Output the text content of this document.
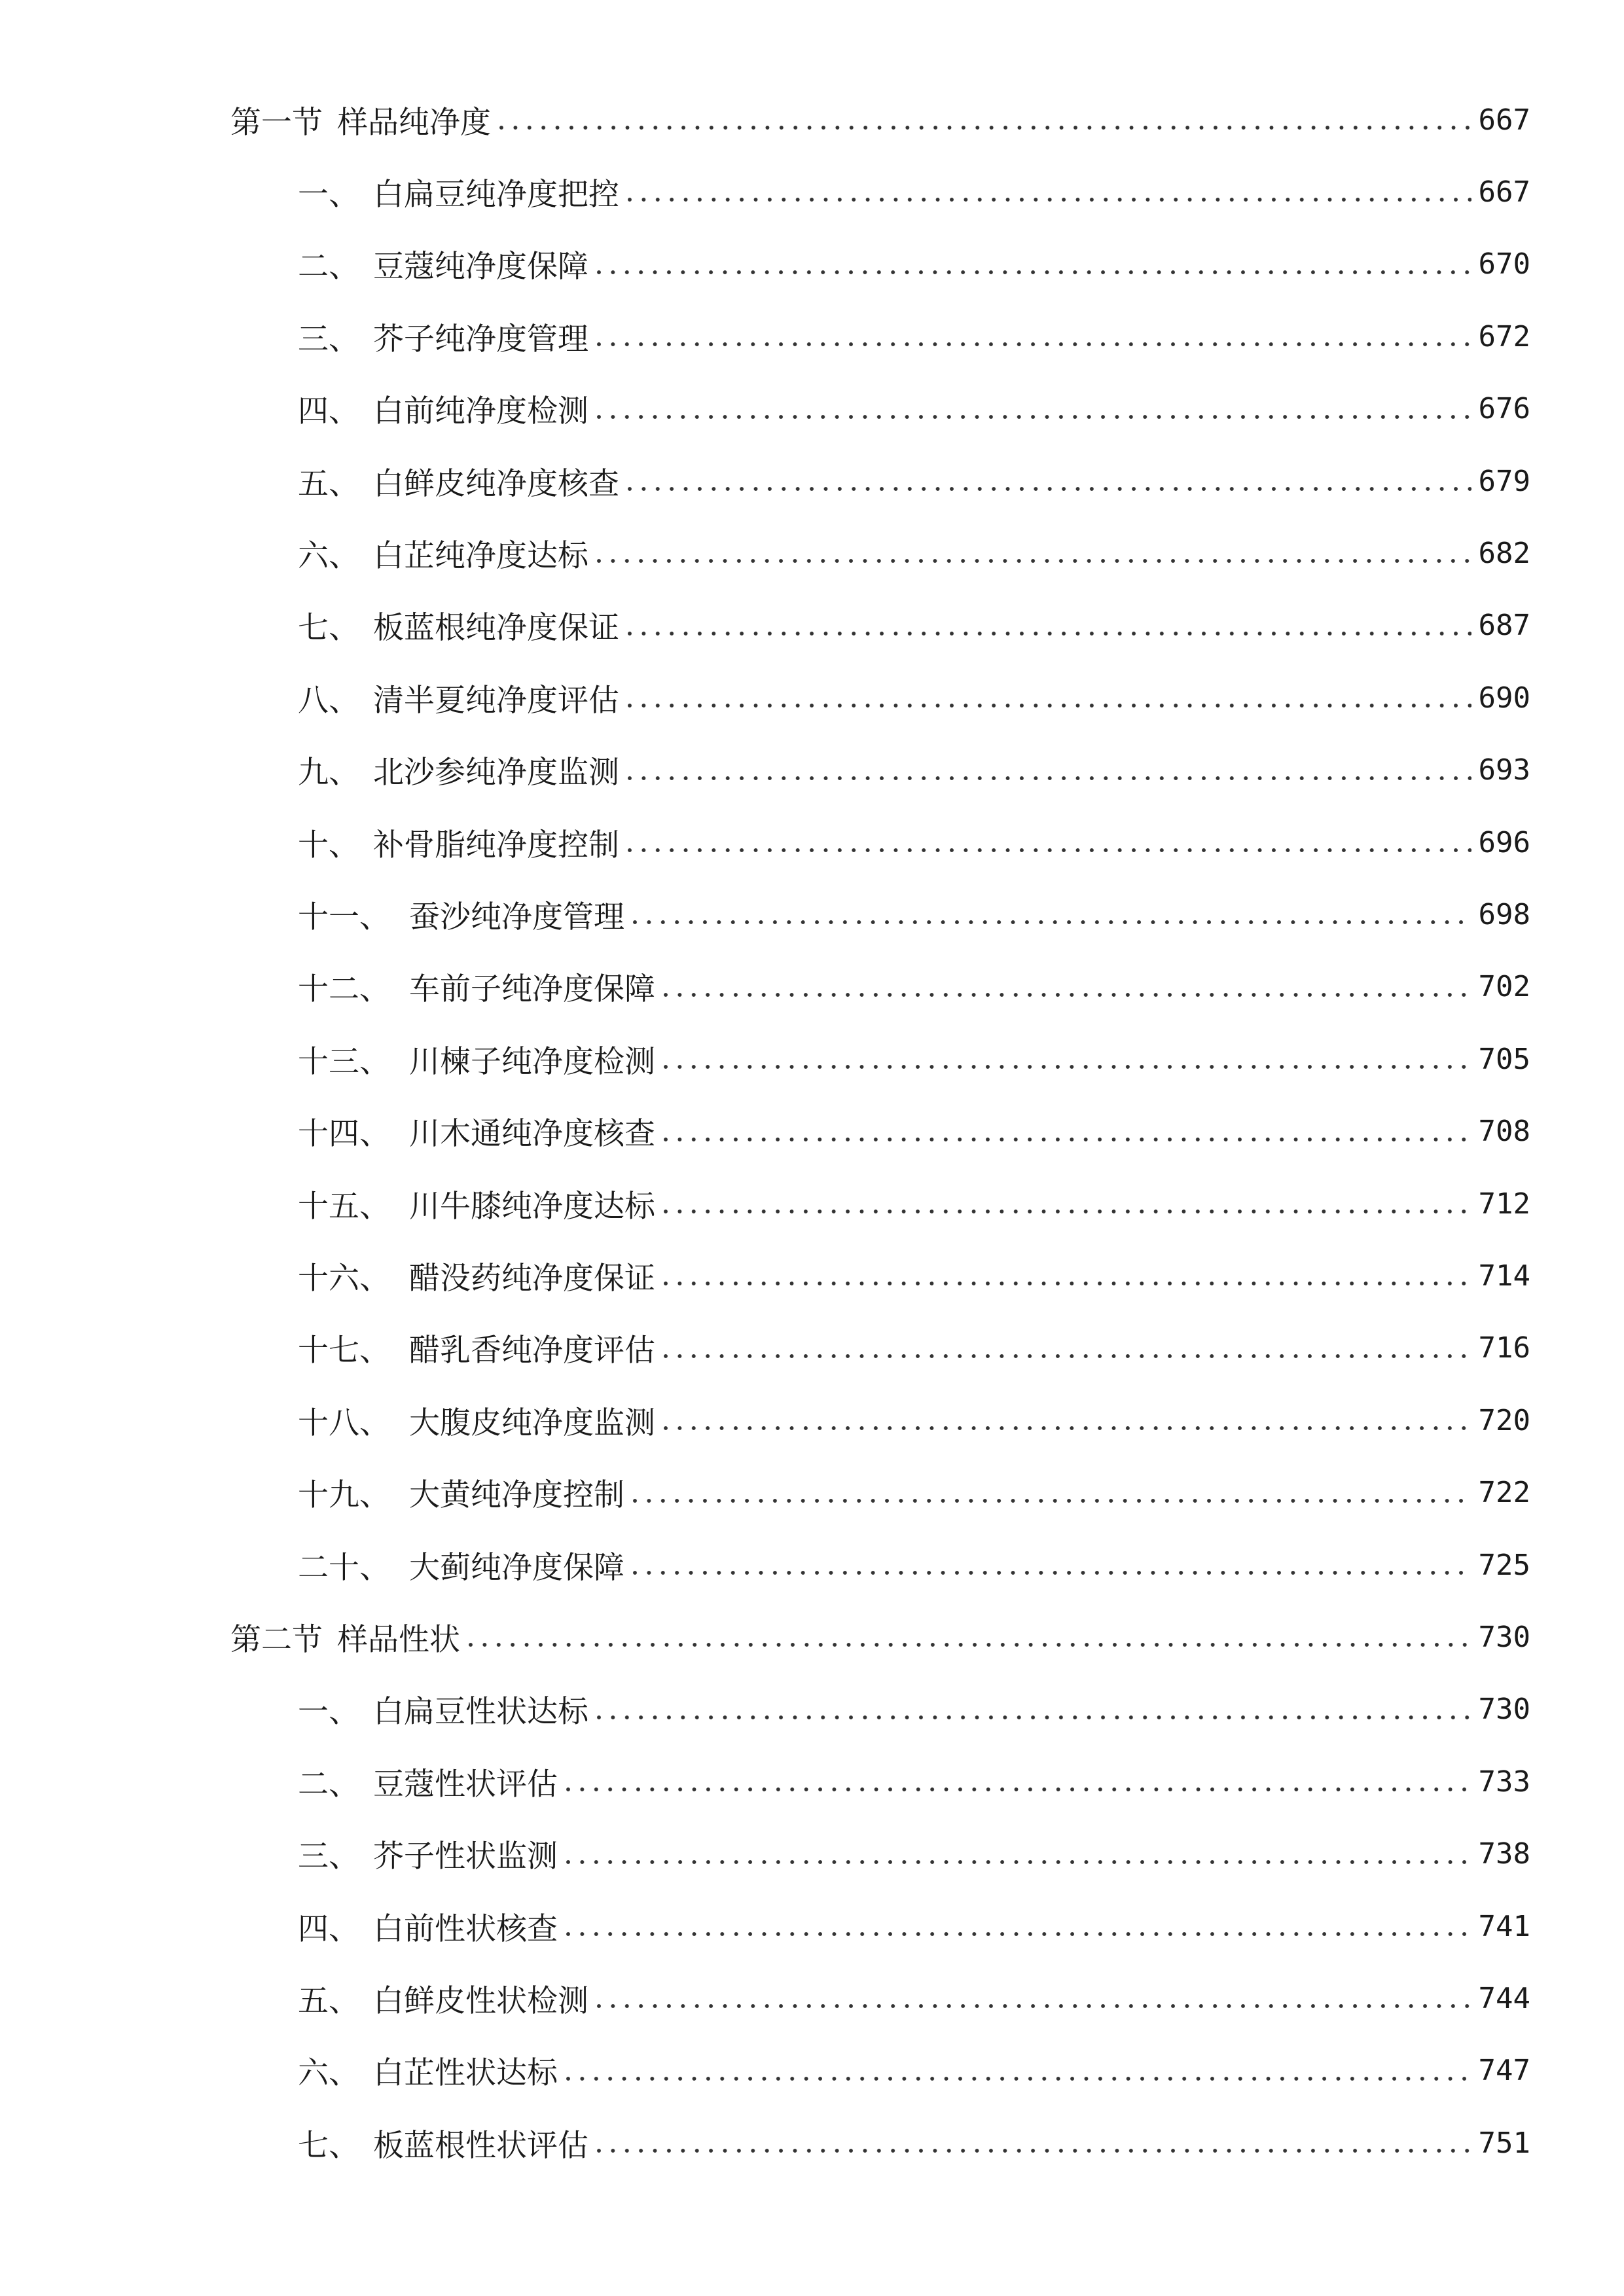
第一节 样品纯净度	667
一、 白扁豆纯净度把控	667
二、 豆蔻纯净度保障	670
三、 芥子纯净度管理	672
四、 白前纯净度检测	676
五、 白鲜皮纯净度核查	679
六、 白芷纯净度达标	682
七、 板蓝根纯净度保证	687
八、 清半夏纯净度评估	690
九、 北沙参纯净度监测	693
十、 补骨脂纯净度控制	696
十一、 蚕沙纯净度管理	698
十二、 车前子纯净度保障	702
十三、 川楝子纯净度检测	705
十四、 川木通纯净度核查	708
十五、 川牛膝纯净度达标	712
十六、 醋没药纯净度保证	714
十七、 醋乳香纯净度评估	716
十八、 大腹皮纯净度监测	720
十九、 大黄纯净度控制	722
二十、 大蓟纯净度保障	725
第二节 样品性状	730
一、 白扁豆性状达标	730
二、 豆蔻性状评估	733
三、 芥子性状监测	738
四、 白前性状核查	741
五、 白鲜皮性状检测	744
六、 白芷性状达标	747
七、 板蓝根性状评估	751
